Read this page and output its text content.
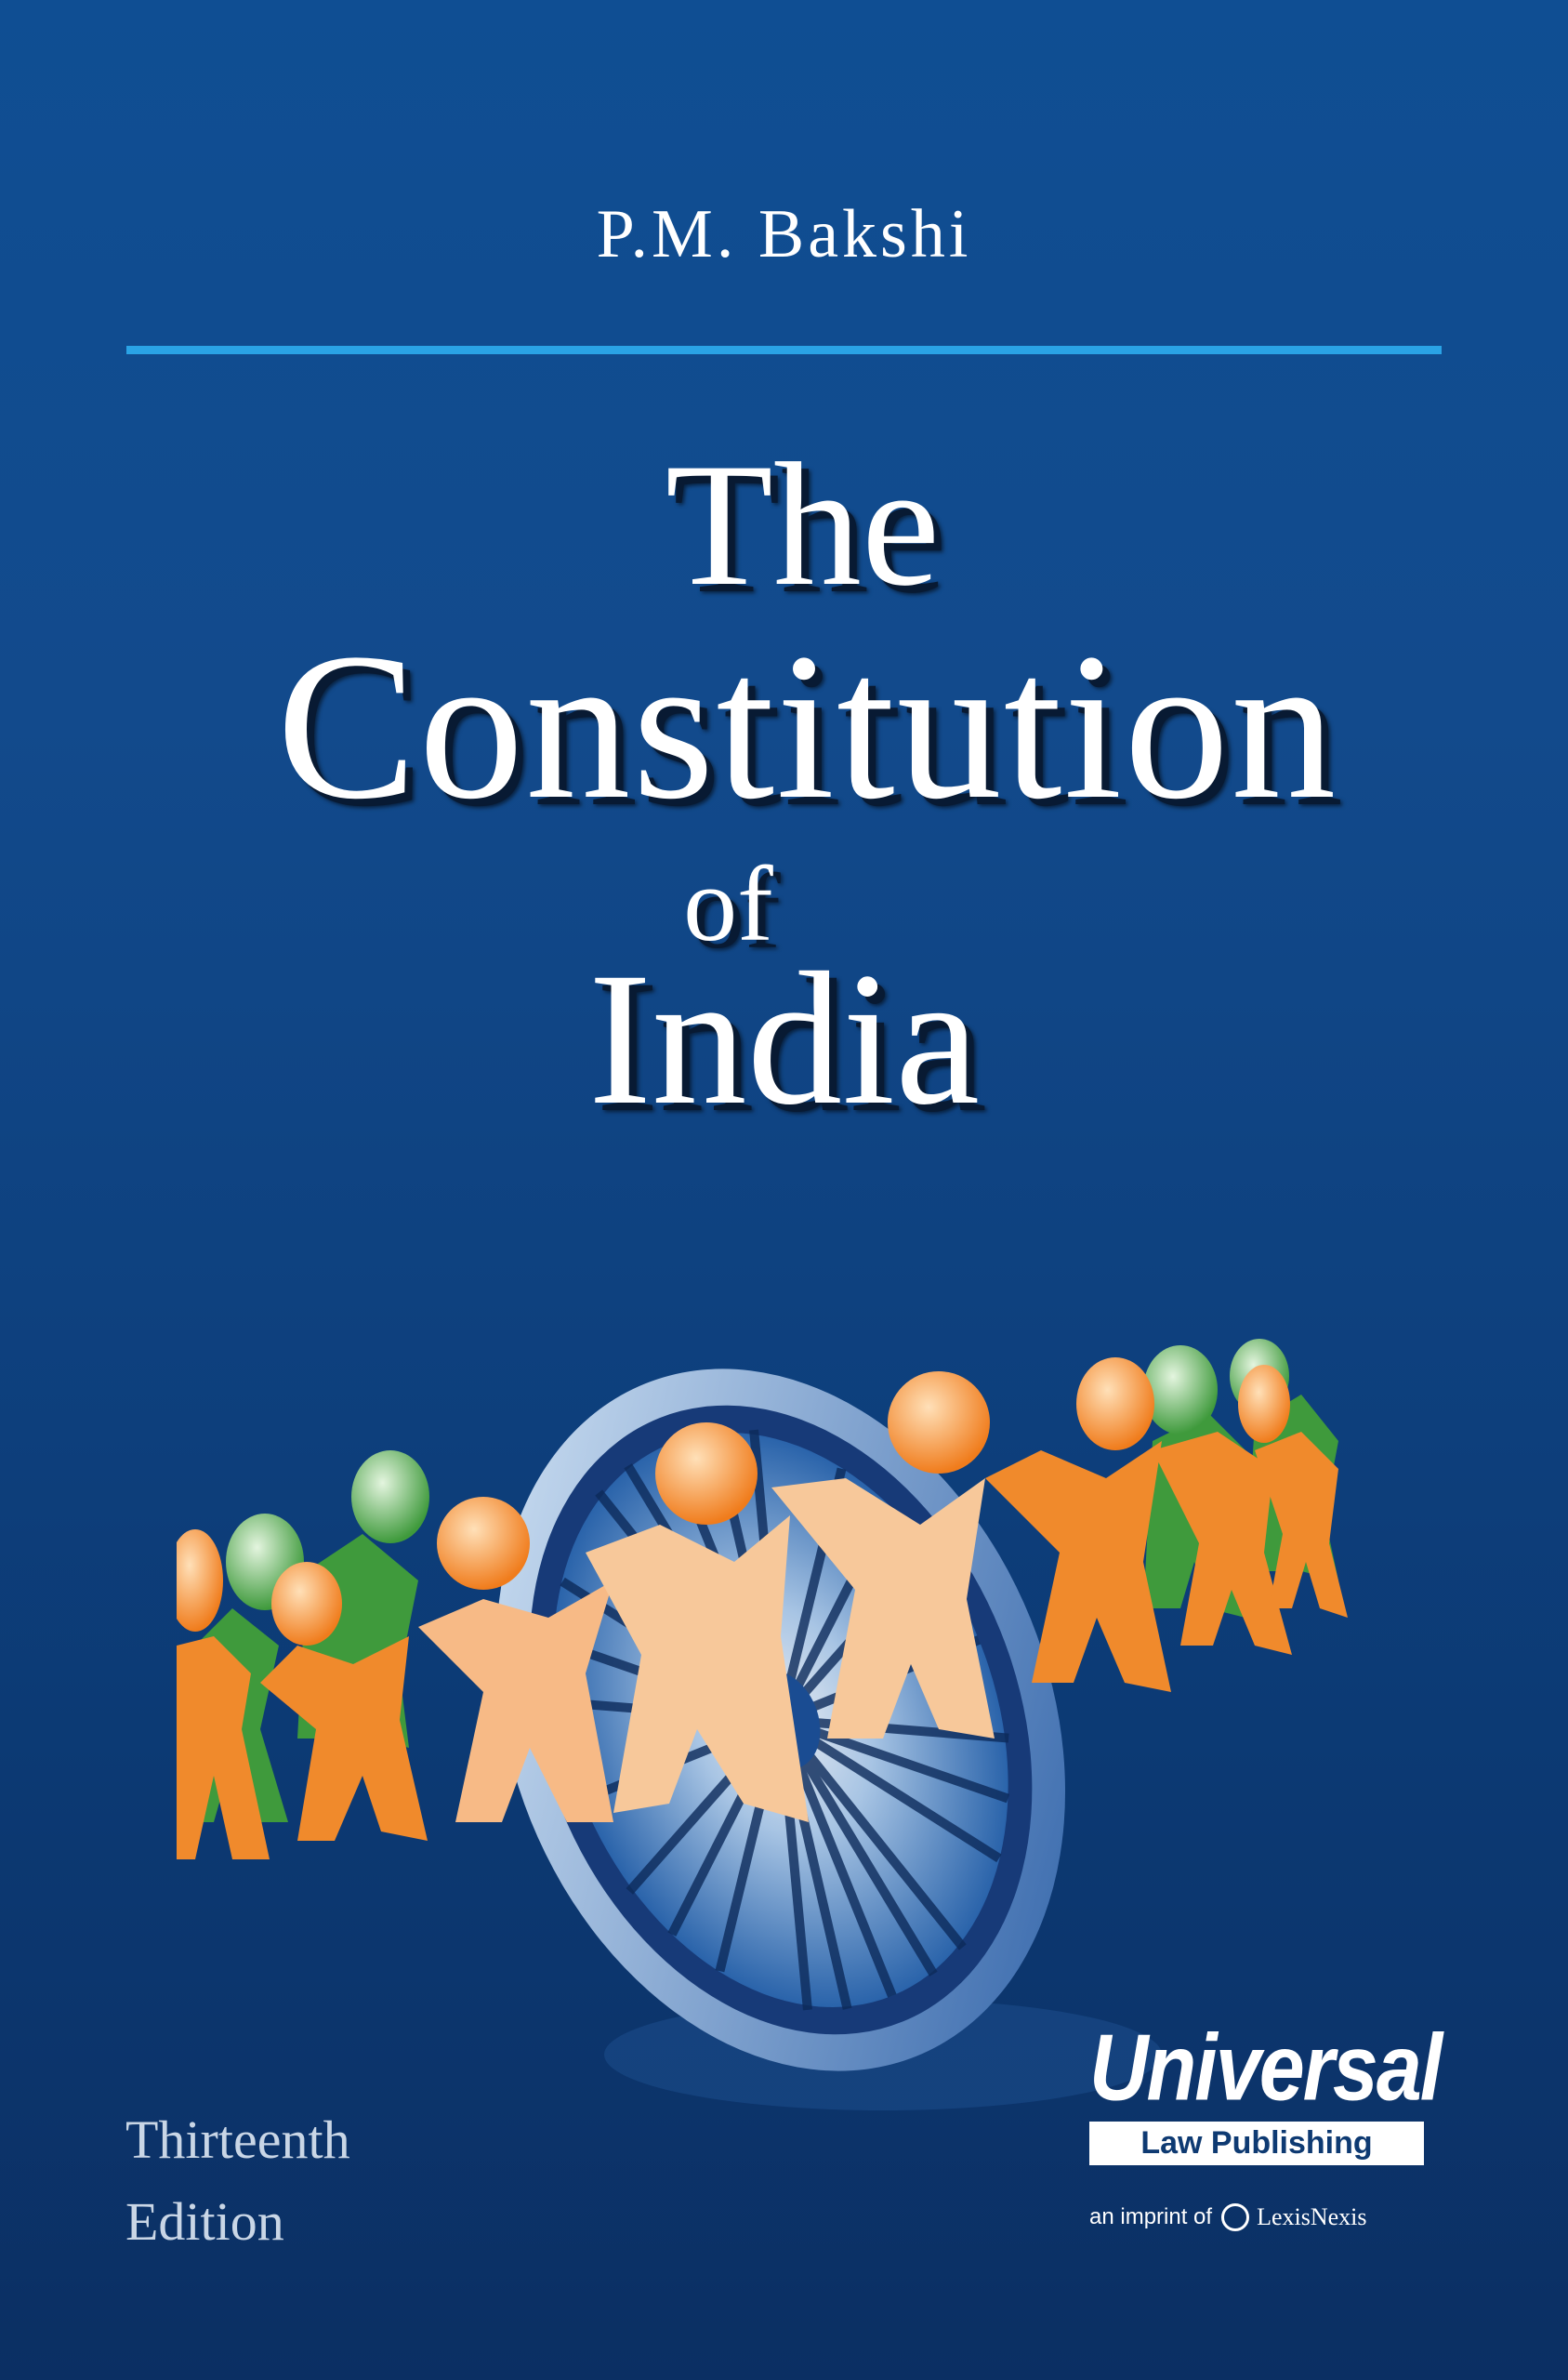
P.M. Bakshi
The
Constitution
of
India
Thirteenth
Edition
Universal
Law Publishing
an imprint of LexisNexis
